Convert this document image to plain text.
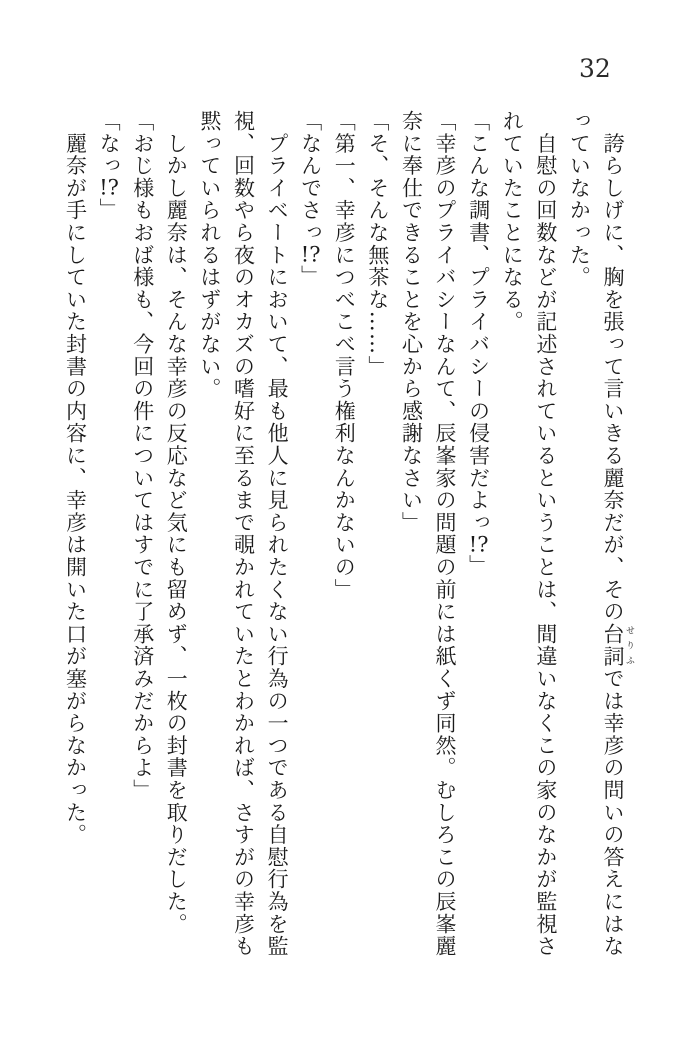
32
　誇らしげに、胸を張って言いきる麗奈だが、その台詞 せりふでは幸彦の問いの答えにはな
っていなかった。
　自慰の回数などが記述されているということは、間違いなくこの家のなかが監視さ
れていたことになる。
「こんな調書、プライバシーの侵害だよっ!?」
「幸彦のプライバシーなんて、辰峯家の問題の前には紙くず同然。むしろこの辰峯麗
奈に奉仕できることを心から感謝なさい」
「そ、そんな無茶な……」
「第一、幸彦につべこべ言う権利なんかないの」
「なんでさっ!?」
　プライベートにおいて、最も他人に見られたくない行為の一つである自慰行為を監
視、回数やら夜のオカズの嗜好に至るまで覗かれていたとわかれば、さすがの幸彦も
黙っていられるはずがない。
　しかし麗奈は、そんな幸彦の反応など気にも留めず、一枚の封書を取りだした。
「おじ様もおば様も、今回の件についてはすでに了承済みだからよ」
「なっ!?」
　麗奈が手にしていた封書の内容に、幸彦は開いた口が塞がらなかった。
